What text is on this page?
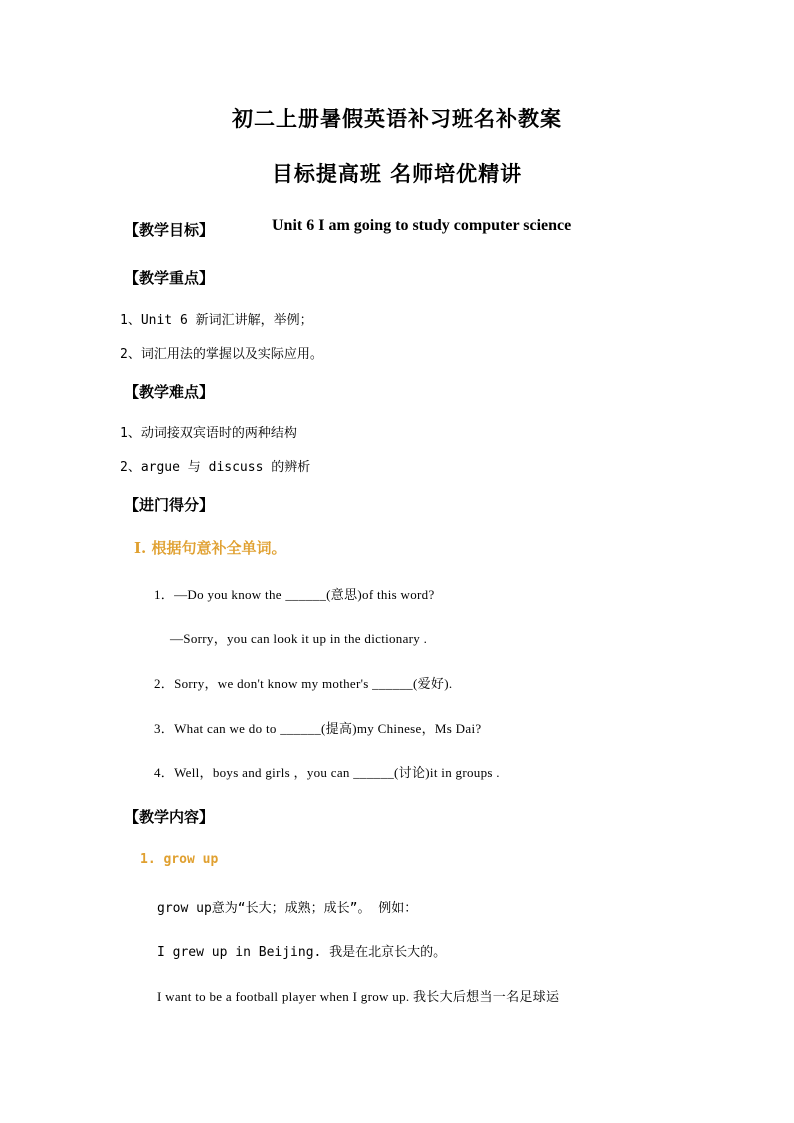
初二上册暑假英语补习班名补教案
目标提高班 名师培优精讲
【教学目标】	Unit 6 I am going to study computer science
【教学重点】
1、Unit 6 新词汇讲解，举例；
2、词汇用法的掌握以及实际应用。
【教学难点】
1、动词接双宾语时的两种结构
2、argue 与 discuss 的辨析
【进门得分】
Ⅰ. 根据句意补全单词。
1．—Do you know the ______(意思)of this word?
—Sorry，you can look it up in the dictionary .
2．Sorry，we don't know my mother's ______(爱好).
3．What can we do to ______(提高)my Chinese，Ms Dai?
4．Well，boys and girls ，you can ______(讨论)it in groups .
【教学内容】
1. grow up
grow up意为“长大；成熟；成长”。 例如：
I grew up in Beijing. 我是在北京长大的。
I want to be a football player when I grow up. 我长大后想当一名足球运
